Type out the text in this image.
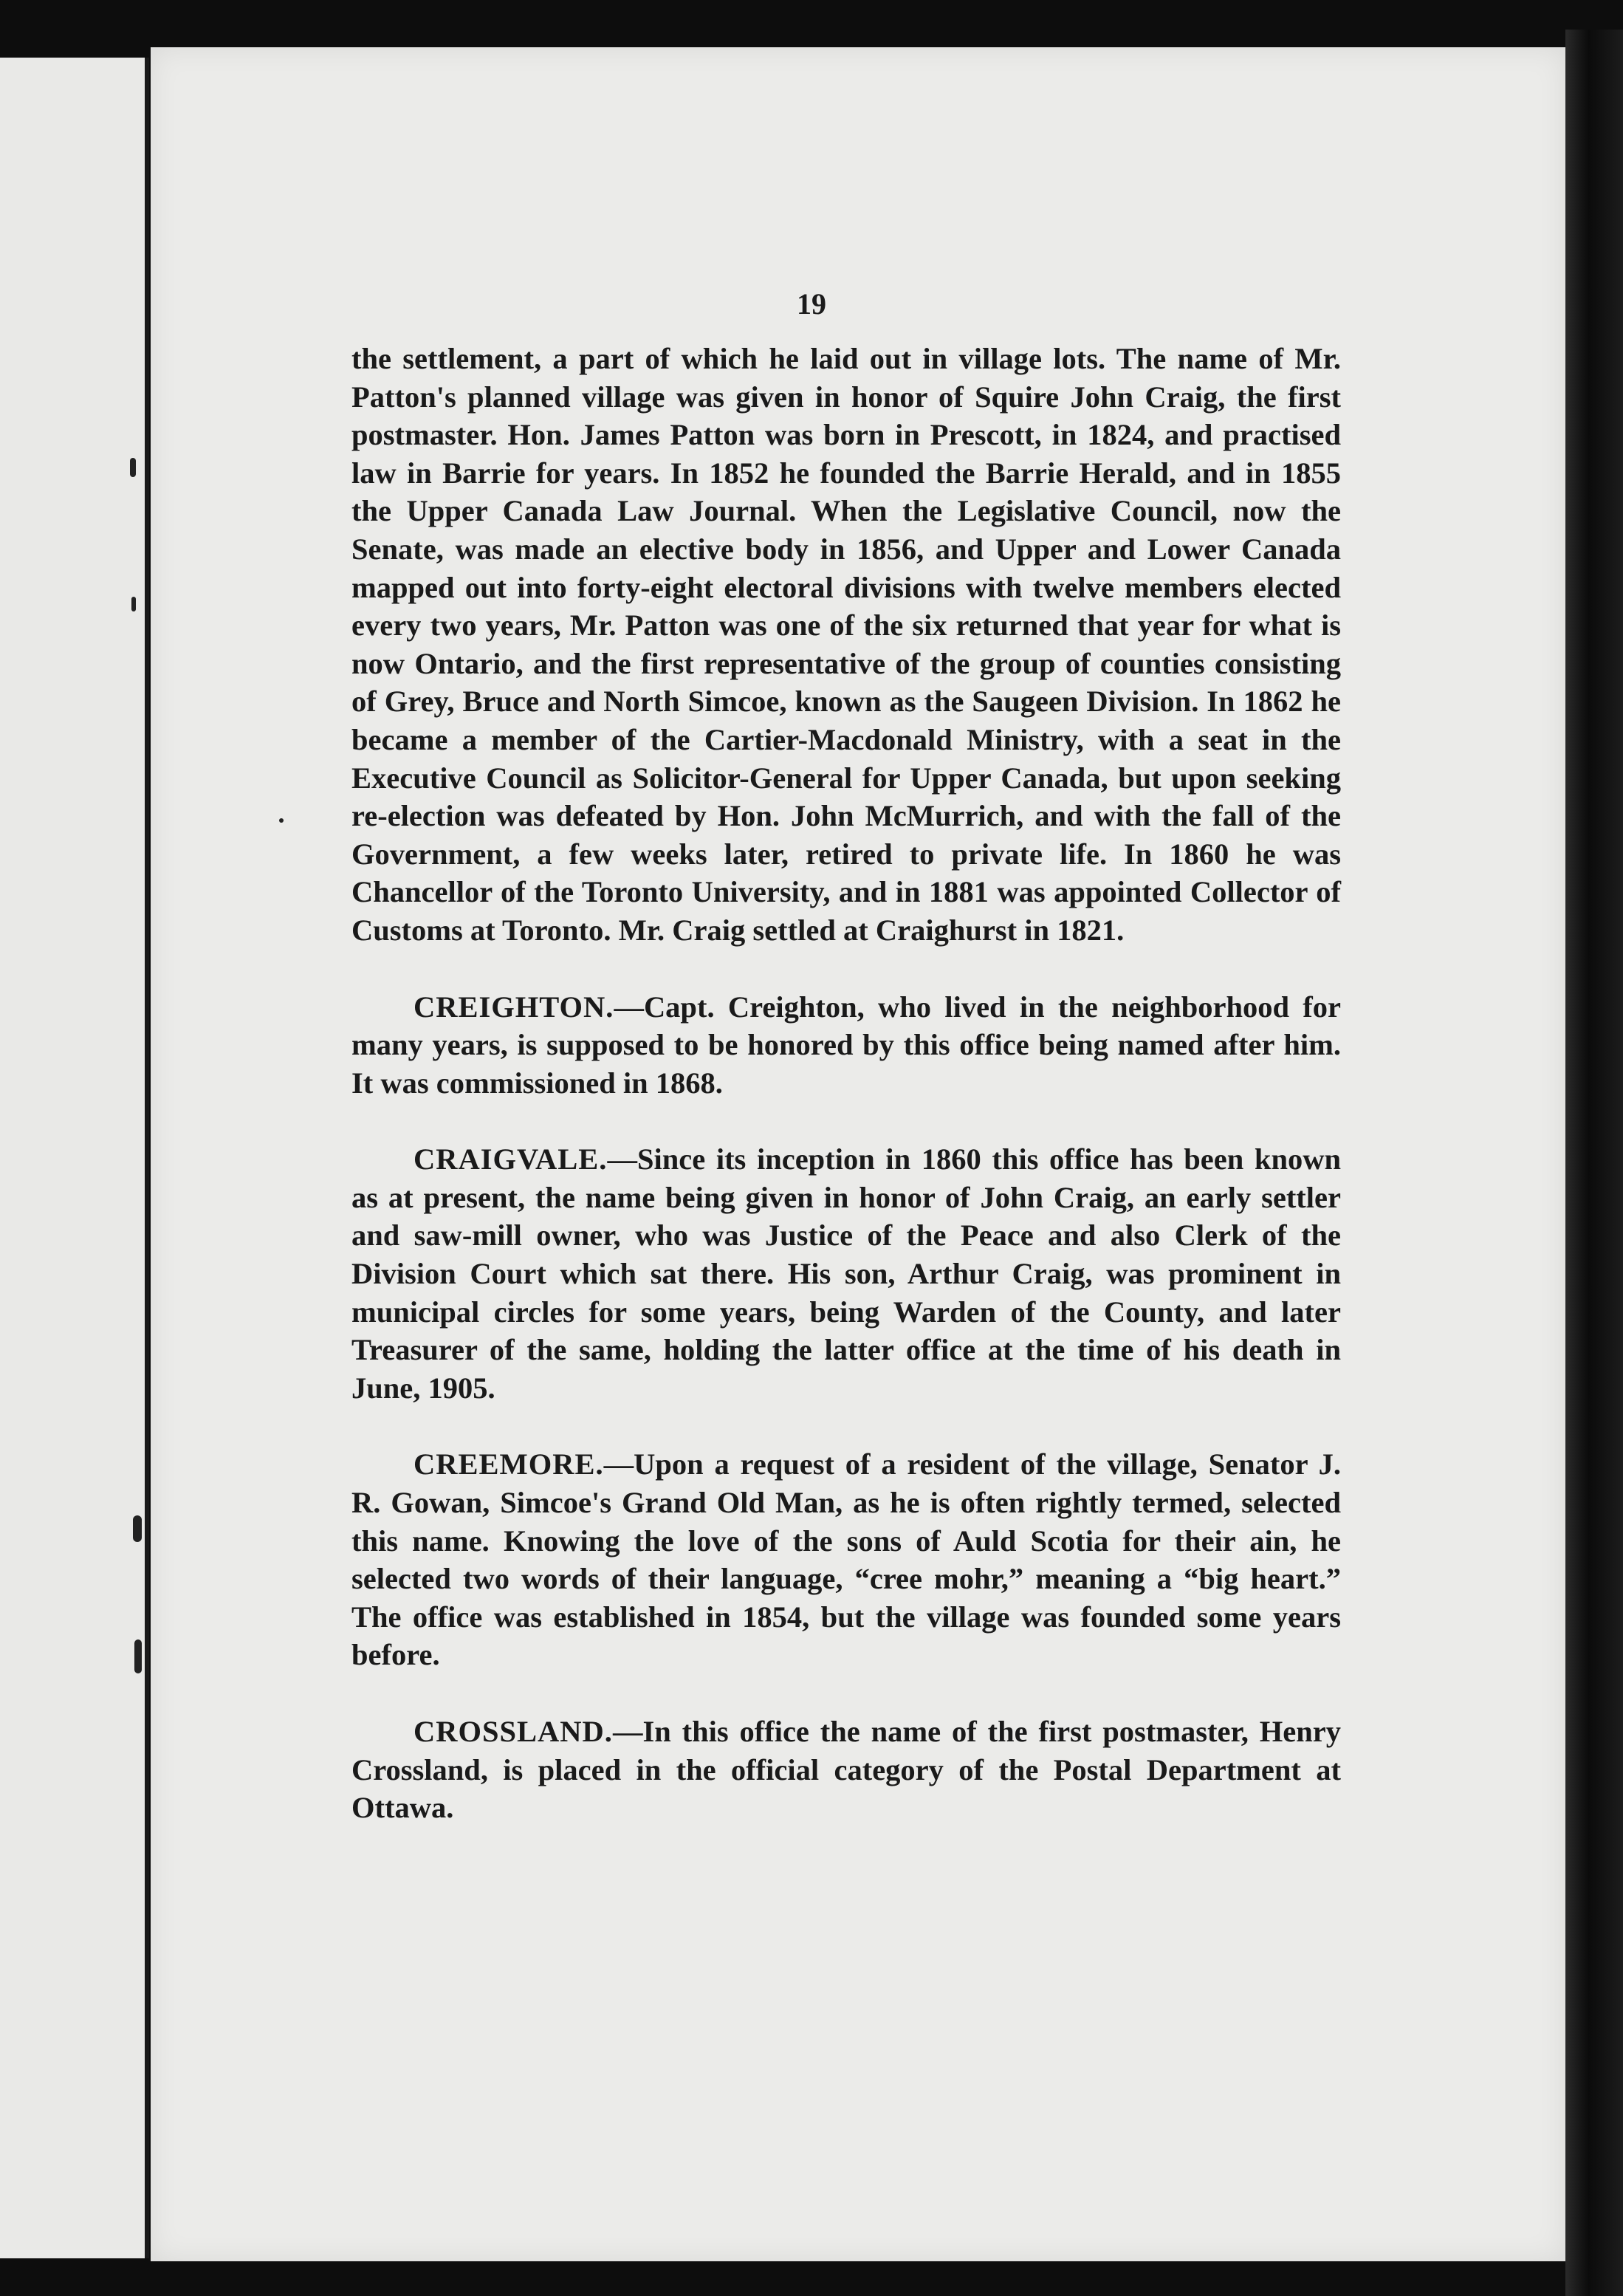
19

the settlement, a part of which he laid out in village lots. The name of Mr. Patton's planned village was given in honor of Squire John Craig, the first postmaster. Hon. James Patton was born in Prescott, in 1824, and practised law in Barrie for years. In 1852 he founded the Barrie Herald, and in 1855 the Upper Canada Law Journal. When the Legislative Council, now the Senate, was made an elective body in 1856, and Upper and Lower Canada mapped out into forty-eight electoral divisions with twelve members elected every two years, Mr. Patton was one of the six returned that year for what is now Ontario, and the first representative of the group of counties consisting of Grey, Bruce and North Simcoe, known as the Saugeen Division. In 1862 he became a member of the Cartier-Macdonald Ministry, with a seat in the Executive Council as Solicitor-General for Upper Canada, but upon seeking re-election was defeated by Hon. John McMurrich, and with the fall of the Government, a few weeks later, retired to private life. In 1860 he was Chancellor of the Toronto University, and in 1881 was appointed Collector of Customs at Toronto. Mr. Craig settled at Craighurst in 1821.

CREIGHTON.—Capt. Creighton, who lived in the neighborhood for many years, is supposed to be honored by this office being named after him. It was commissioned in 1868.

CRAIGVALE.—Since its inception in 1860 this office has been known as at present, the name being given in honor of John Craig, an early settler and saw-mill owner, who was Justice of the Peace and also Clerk of the Division Court which sat there. His son, Arthur Craig, was prominent in municipal circles for some years, being Warden of the County, and later Treasurer of the same, holding the latter office at the time of his death in June, 1905.

CREEMORE.—Upon a request of a resident of the village, Senator J. R. Gowan, Simcoe's Grand Old Man, as he is often rightly termed, selected this name. Knowing the love of the sons of Auld Scotia for their ain, he selected two words of their language, “cree mohr,” meaning a “big heart.” The office was established in 1854, but the village was founded some years before.

CROSSLAND.—In this office the name of the first postmaster, Henry Crossland, is placed in the official category of the Postal Department at Ottawa.
